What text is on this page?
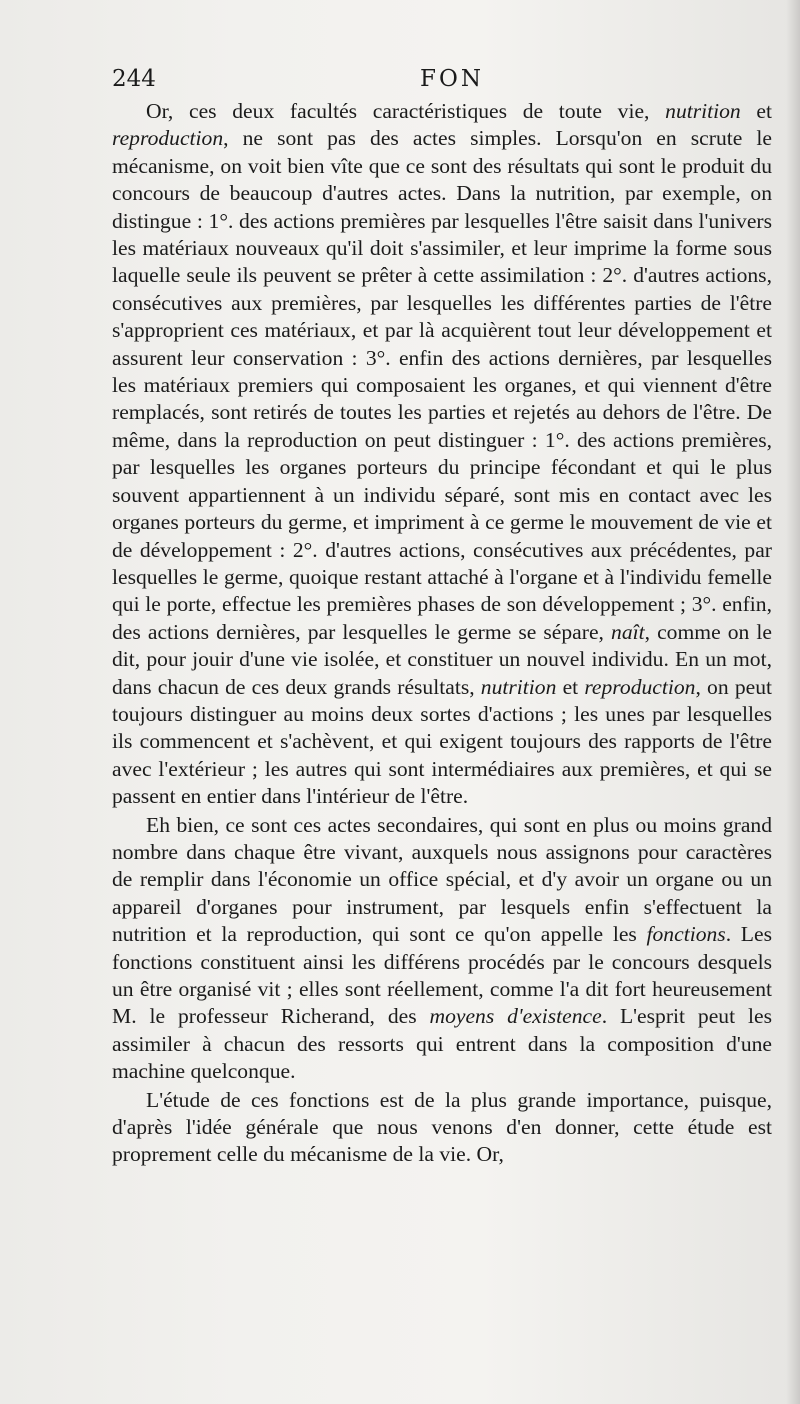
244	FON

Or, ces deux facultés caractéristiques de toute vie, nutrition et reproduction, ne sont pas des actes simples. Lorsqu'on en scrute le mécanisme, on voit bien vîte que ce sont des résultats qui sont le produit du concours de beaucoup d'autres actes. Dans la nutrition, par exemple, on distingue : 1°. des actions premières par lesquelles l'être saisit dans l'univers les matériaux nouveaux qu'il doit s'assimiler, et leur imprime la forme sous laquelle seule ils peuvent se prêter à cette assimilation : 2°. d'autres actions, consécutives aux premières, par lesquelles les différentes parties de l'être s'approprient ces matériaux, et par là acquièrent tout leur développement et assurent leur conservation : 3°. enfin des actions dernières, par lesquelles les matériaux premiers qui composaient les organes, et qui viennent d'être remplacés, sont retirés de toutes les parties et rejetés au dehors de l'être. De même, dans la reproduction on peut distinguer : 1°. des actions premières, par lesquelles les organes porteurs du principe fécondant et qui le plus souvent appartiennent à un individu séparé, sont mis en contact avec les organes porteurs du germe, et impriment à ce germe le mouvement de vie et de développement : 2°. d'autres actions, consécutives aux précédentes, par lesquelles le germe, quoique restant attaché à l'organe et à l'individu femelle qui le porte, effectue les premières phases de son développement ; 3°. enfin, des actions dernières, par lesquelles le germe se sépare, naît, comme on le dit, pour jouir d'une vie isolée, et constituer un nouvel individu. En un mot, dans chacun de ces deux grands résultats, nutrition et reproduction, on peut toujours distinguer au moins deux sortes d'actions ; les unes par lesquelles ils commencent et s'achèvent, et qui exigent toujours des rapports de l'être avec l'extérieur ; les autres qui sont intermédiaires aux premières, et qui se passent en entier dans l'intérieur de l'être.

Eh bien, ce sont ces actes secondaires, qui sont en plus ou moins grand nombre dans chaque être vivant, auxquels nous assignons pour caractères de remplir dans l'économie un office spécial, et d'y avoir un organe ou un appareil d'organes pour instrument, par lesquels enfin s'effectuent la nutrition et la reproduction, qui sont ce qu'on appelle les fonctions. Les fonctions constituent ainsi les différens procédés par le concours desquels un être organisé vit ; elles sont réellement, comme l'a dit fort heureusement M. le professeur Richerand, des moyens d'existence. L'esprit peut les assimiler à chacun des ressorts qui entrent dans la composition d'une machine quelconque.

L'étude de ces fonctions est de la plus grande importance, puisque, d'après l'idée générale que nous venons d'en donner, cette étude est proprement celle du mécanisme de la vie. Or,
